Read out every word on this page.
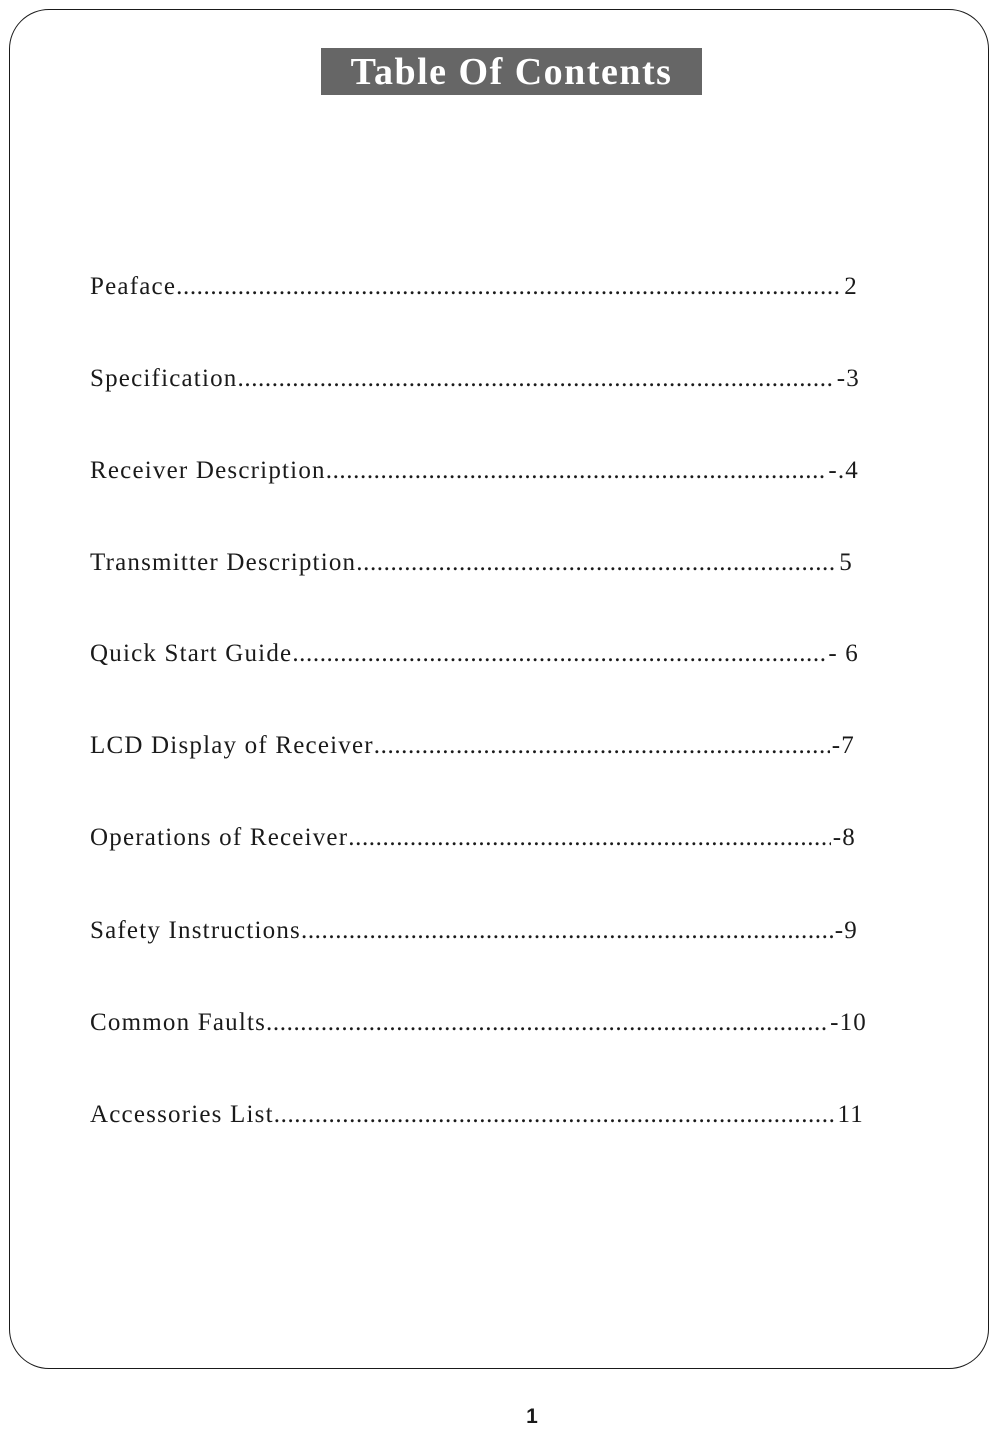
Table Of Contents
Peaface .....	2
Specification .....	-3
Receiver Description .....	-.4
Transmitter Description .....	5
Quick Start Guide .....	- 6
LCD Display of Receiver .....	-7
Operations of Receiver .....	-8
Safety Instructions .....	-9
Common Faults .....	-10
Accessories List .....	11
1
